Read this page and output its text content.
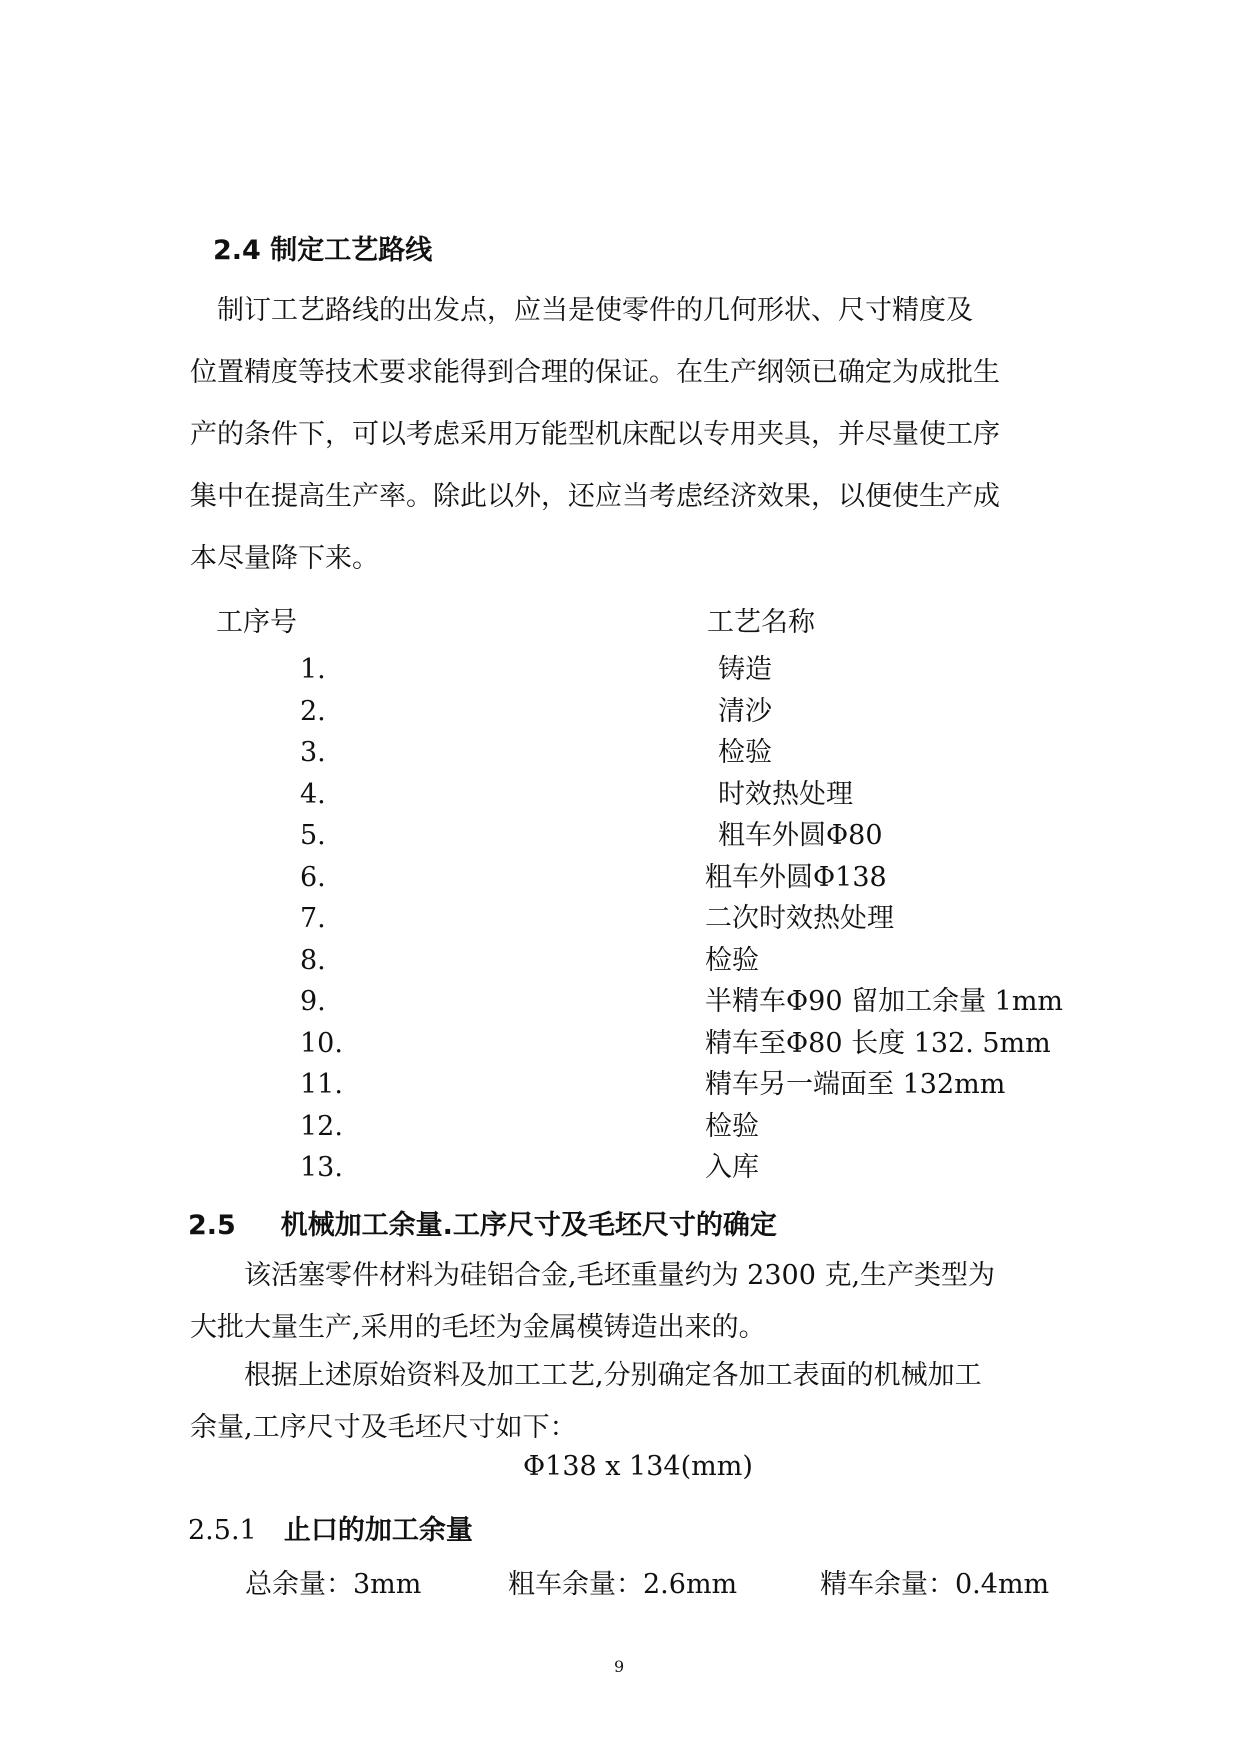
2.4 制定工艺路线
　制订工艺路线的出发点，应当是使零件的几何形状、尺寸精度及
位置精度等技术要求能得到合理的保证。在生产纲领已确定为成批生
产的条件下，可以考虑采用万能型机床配以专用夹具，并尽量使工序
集中在提高生产率。除此以外，还应当考虑经济效果，以便使生产成
本尽量降下来。
工序号	工艺名称
1.	铸造
2.	清沙
3.	检验
4.	时效热处理
5.	粗车外圆Φ80
6.	粗车外圆Φ138
7.	二次时效热处理
8.	检验
9.	半精车Φ90 留加工余量 1mm
10.	精车至Φ80 长度 132. 5mm
11.	精车另一端面至 132mm
12.	检验
13.	入库
2.5 机械加工余量.工序尺寸及毛坯尺寸的确定
该活塞零件材料为硅铝合金,毛坯重量约为 2300 克,生产类型为
大批大量生产,采用的毛坯为金属模铸造出来的。
根据上述原始资料及加工工艺,分别确定各加工表面的机械加工
余量,工序尺寸及毛坯尺寸如下：
Φ138 x 134(mm)
2.5.1 止口的加工余量
总余量：3mm	粗车余量：2.6mm	精车余量：0.4mm
9
